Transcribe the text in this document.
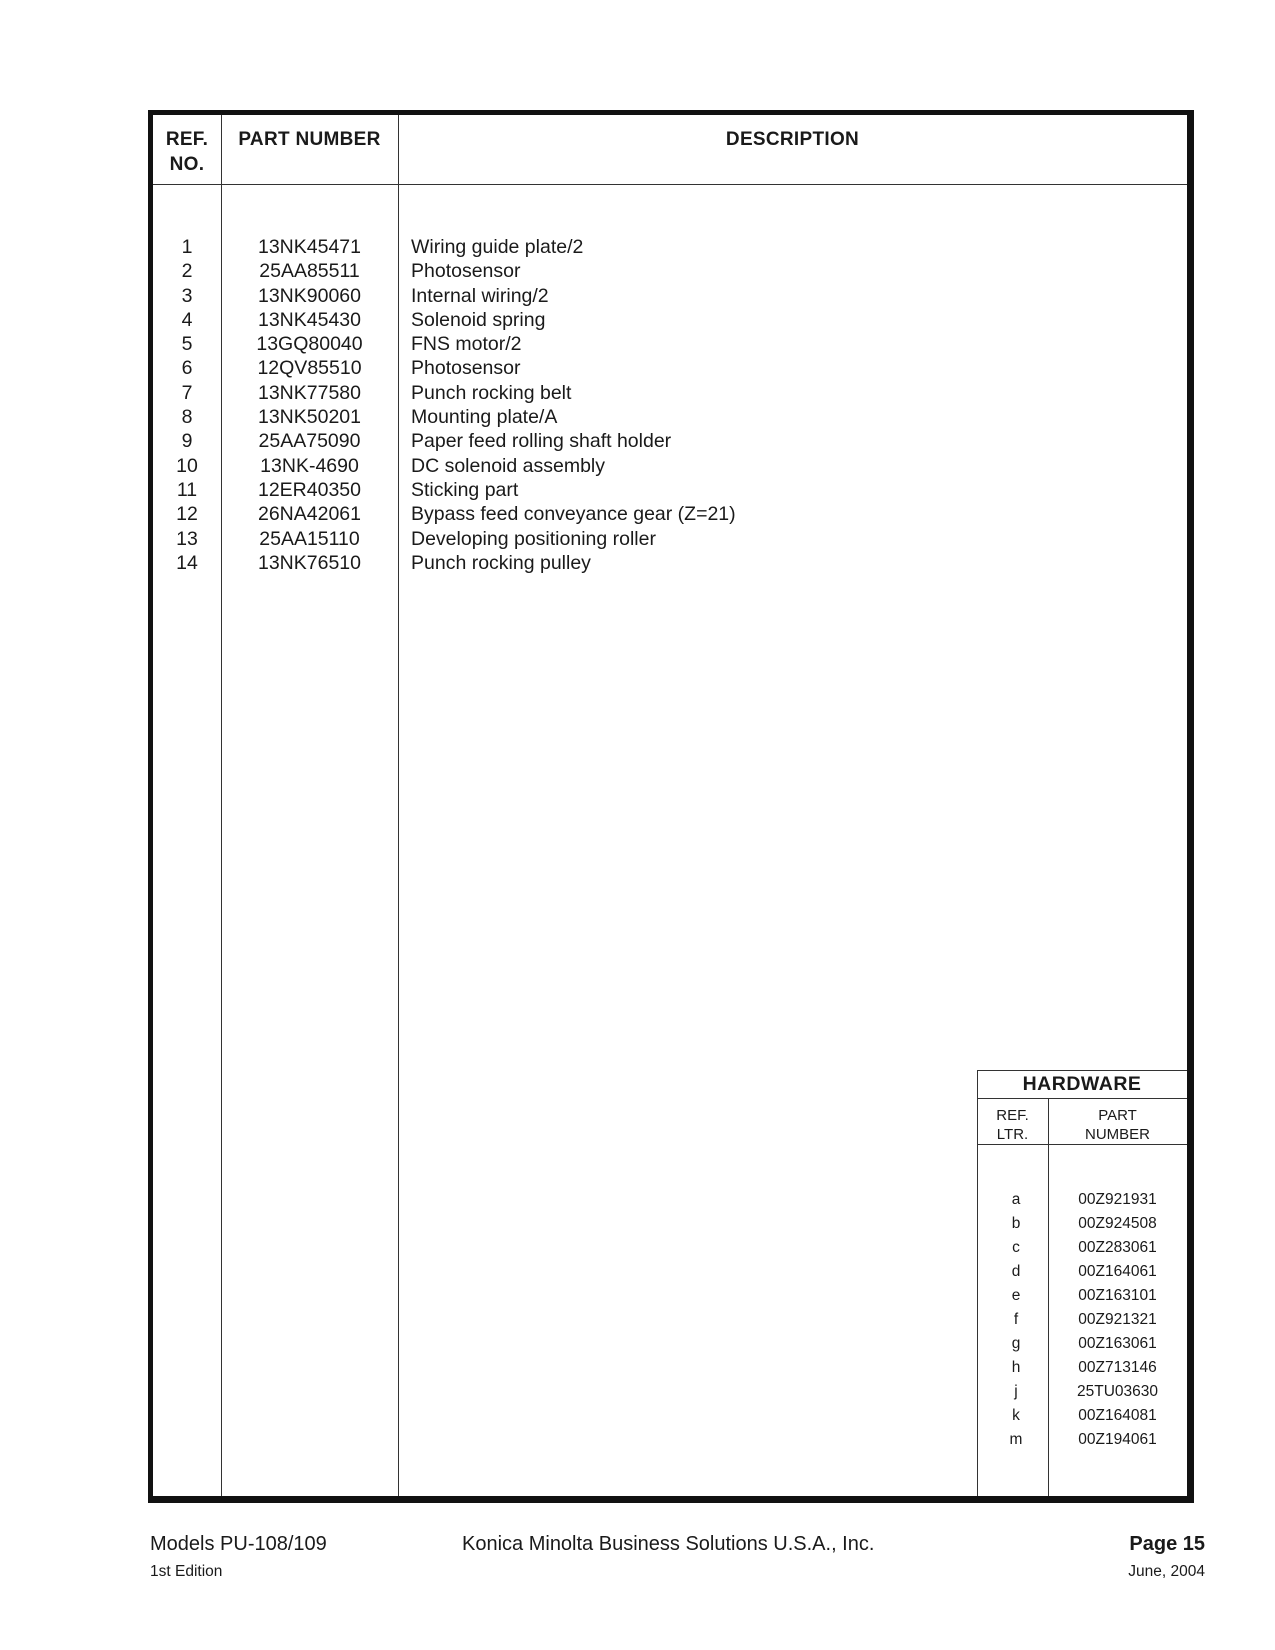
REF.
NO.
PART NUMBER	DESCRIPTION
1	13NK45471	Wiring guide plate/2
2	25AA85511	Photosensor
3	13NK90060	Internal wiring/2
4	13NK45430	Solenoid spring
5	13GQ80040	FNS motor/2
6	12QV85510	Photosensor
7	13NK77580	Punch rocking belt
8	13NK50201	Mounting plate/A
9	25AA75090	Paper feed rolling shaft holder
10	13NK-4690	DC solenoid assembly
11	12ER40350	Sticking part
12	26NA42061	Bypass feed conveyance gear (Z=21)
13	25AA15110	Developing positioning roller
14	13NK76510	Punch rocking pulley
HARDWARE
REF.
LTR.
PART
NUMBER
a	00Z921931
b	00Z924508
c	00Z283061
d	00Z164061
e	00Z163101
f	00Z921321
g	00Z163061
h	00Z713146
j	25TU03630
k	00Z164081
m	00Z194061
Models PU-108/109	Konica Minolta Business Solutions U.S.A., Inc.	Page 15
1st Edition	June, 2004
